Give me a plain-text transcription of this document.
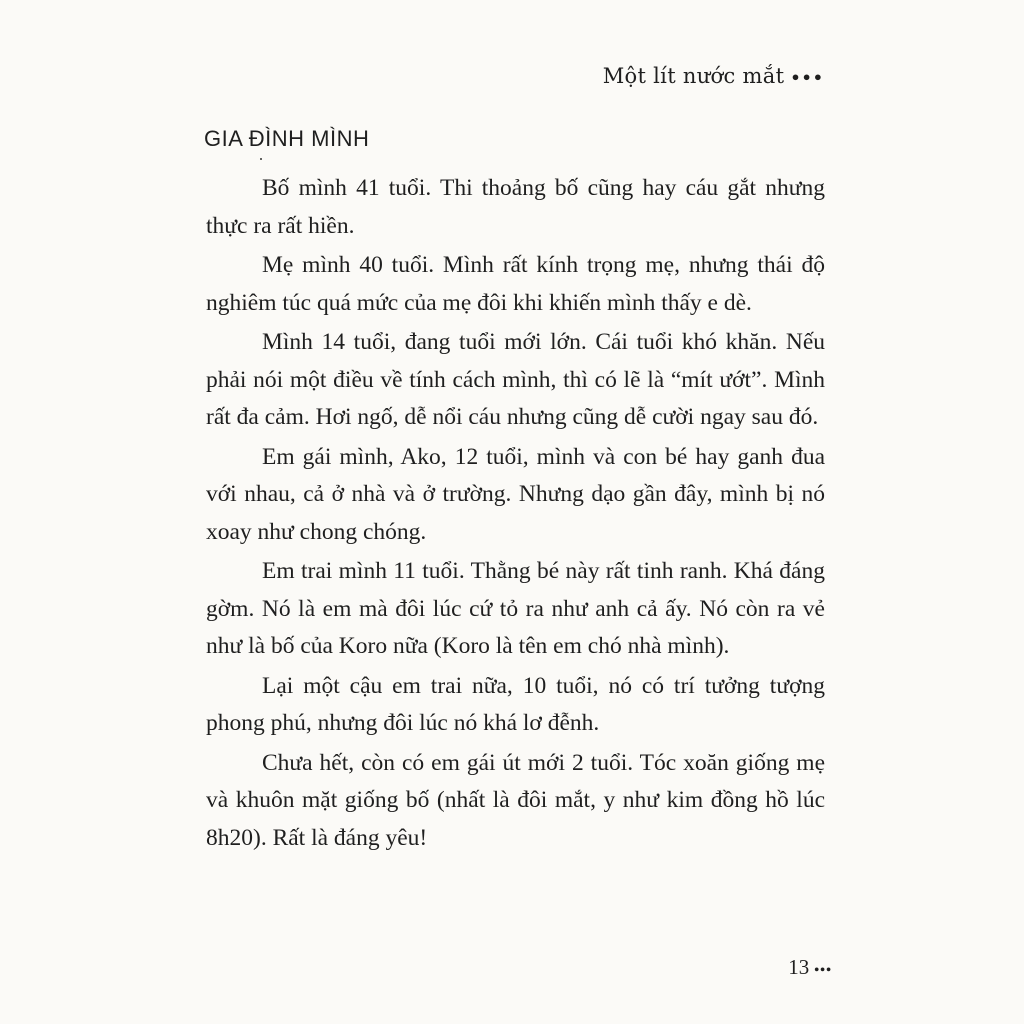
Một lít nước mắt •••
GIA ĐÌNH MÌNH

Bố mình 41 tuổi. Thi thoảng bố cũng hay cáu gắt nhưng thực ra rất hiền.

Mẹ mình 40 tuổi. Mình rất kính trọng mẹ, nhưng thái độ nghiêm túc quá mức của mẹ đôi khi khiến mình thấy e dè.

Mình 14 tuổi, đang tuổi mới lớn. Cái tuổi khó khăn. Nếu phải nói một điều về tính cách mình, thì có lẽ là “mít ướt”. Mình rất đa cảm. Hơi ngố, dễ nổi cáu nhưng cũng dễ cười ngay sau đó.

Em gái mình, Ako, 12 tuổi, mình và con bé hay ganh đua với nhau, cả ở nhà và ở trường. Nhưng dạo gần đây, mình bị nó xoay như chong chóng.

Em trai mình 11 tuổi. Thằng bé này rất tinh ranh. Khá đáng gờm. Nó là em mà đôi lúc cứ tỏ ra như anh cả ấy. Nó còn ra vẻ như là bố của Koro nữa (Koro là tên em chó nhà mình).

Lại một cậu em trai nữa, 10 tuổi, nó có trí tưởng tượng phong phú, nhưng đôi lúc nó khá lơ đễnh.

Chưa hết, còn có em gái út mới 2 tuổi. Tóc xoăn giống mẹ và khuôn mặt giống bố (nhất là đôi mắt, y như kim đồng hồ lúc 8h20). Rất là đáng yêu!

13 •••
